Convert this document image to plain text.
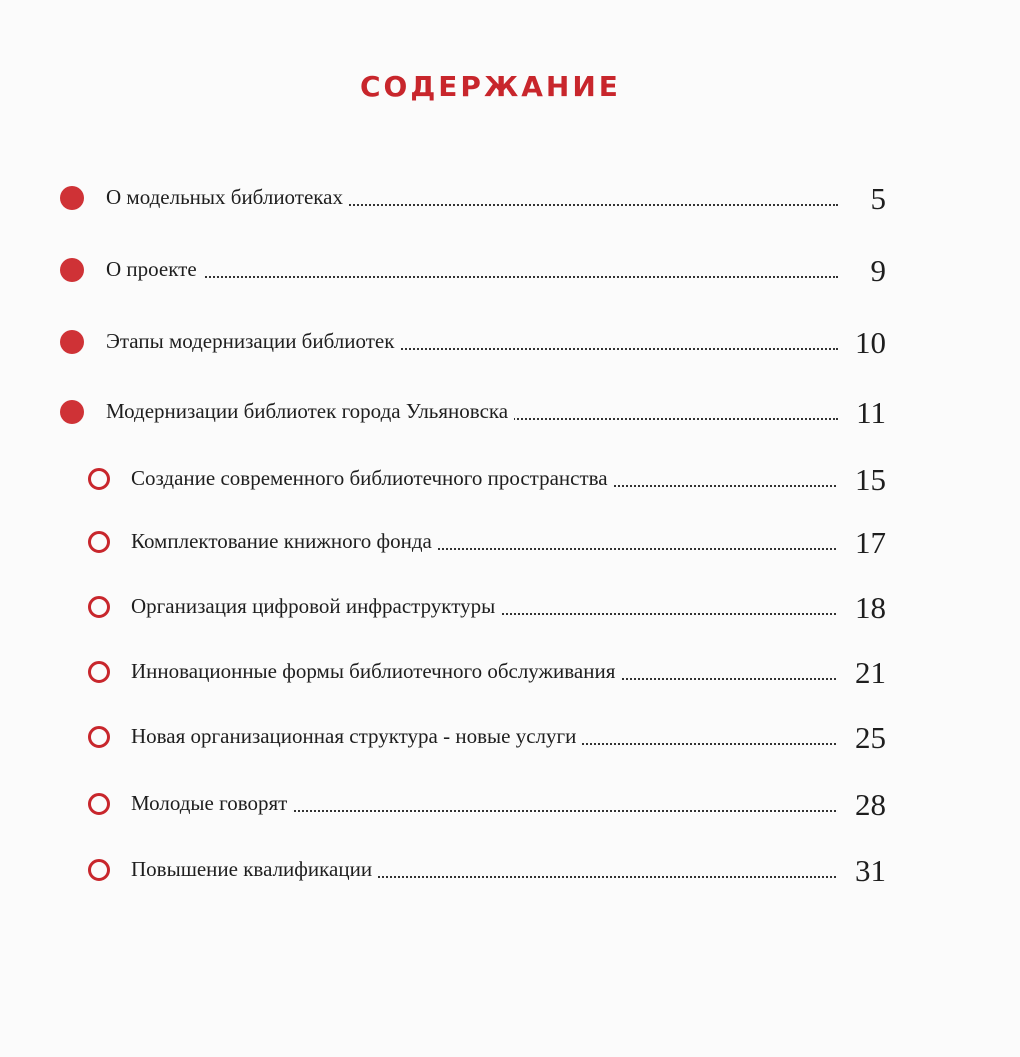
СОДЕРЖАНИЕ
О модельных библиотеках	5
О проекте	9
Этапы модернизации библиотек	10
Модернизации библиотек города Ульяновска	11
Создание современного библиотечного пространства	15
Комплектование книжного фонда	17
Организация цифровой инфраструктуры	18
Инновационные формы библиотечного обслуживания	21
Новая организационная структура - новые услуги	25
Молодые говорят	28
Повышение квалификации	31
